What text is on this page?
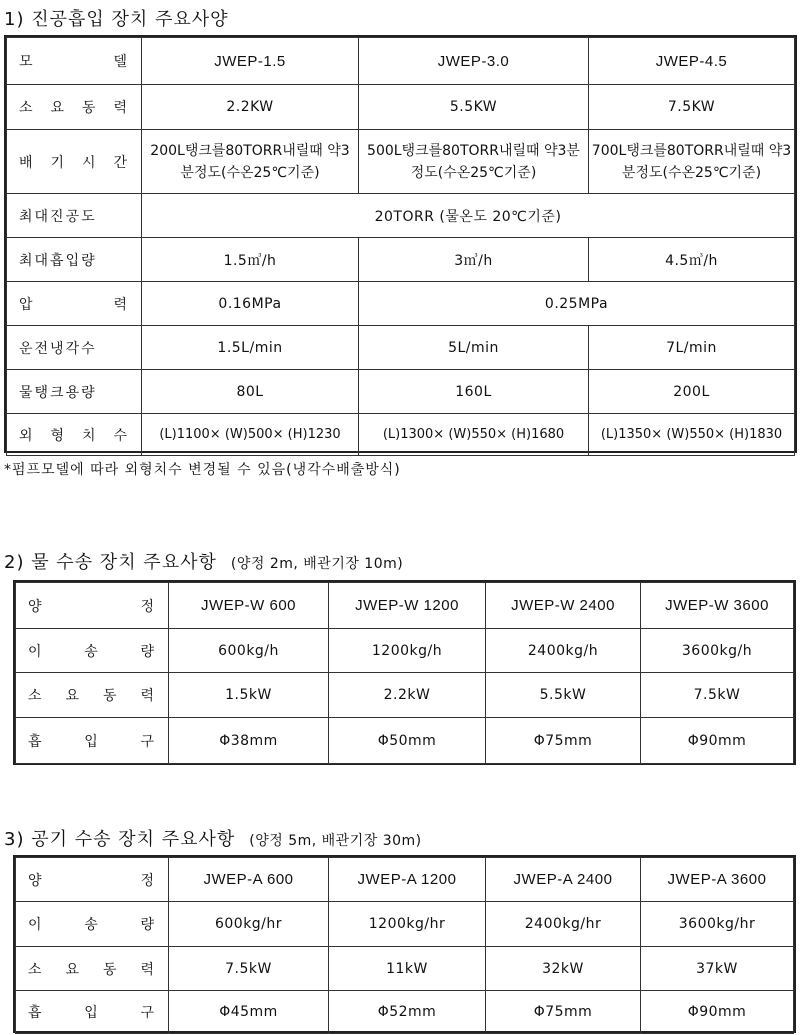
1) 진공흡입 장치 주요사양
모 델	JWEP-1.5	JWEP-3.0	JWEP-4.5
소 요 동 력	2.2KW	5.5KW	7.5KW
배 기 시 간	200L탱크를80TORR내릴때 약3분정도(수온25℃기준)	500L탱크를80TORR내릴때 약3분정도(수온25℃기준)	700L탱크를80TORR내릴때 약3분정도(수온25℃기준)
최대진공도	20TORR (물온도 20℃기준)		
최대흡입량	1.5㎥/h	3㎥/h	4.5㎥/h
압 력	0.16MPa	0.25MPa	
운전냉각수	1.5L/min	5L/min	7L/min
물탱크용량	80L	160L	200L
외 형 치 수	(L)1100× (W)500× (H)1230	(L)1300× (W)550× (H)1680	(L)1350× (W)550× (H)1830
*펌프모델에 따라 외형치수 변경될 수 있음(냉각수배출방식)
2) 물 수송 장치 주요사항 (양정 2m, 배관기장 10m)
양 정	JWEP-W 600	JWEP-W 1200	JWEP-W 2400	JWEP-W 3600
이 송 량	600kg/h	1200kg/h	2400kg/h	3600kg/h
소 요 동 력	1.5kW	2.2kW	5.5kW	7.5kW
흡 입 구	Φ38mm	Φ50mm	Φ75mm	Φ90mm
3) 공기 수송 장치 주요사항 (양정 5m, 배관기장 30m)
양 정	JWEP-A 600	JWEP-A 1200	JWEP-A 2400	JWEP-A 3600
이 송 량	600kg/hr	1200kg/hr	2400kg/hr	3600kg/hr
소 요 동 력	7.5kW	11kW	32kW	37kW
흡 입 구	Φ45mm	Φ52mm	Φ75mm	Φ90mm
